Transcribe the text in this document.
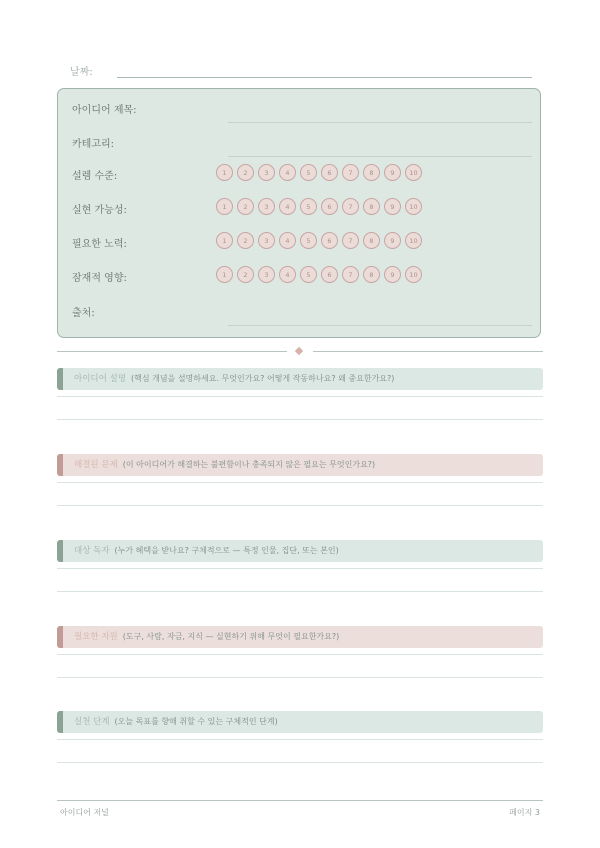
날짜:
아이디어 제목:
카테고리:
설렘 수준:	1	2	3	4	5	6	7	8	9	10
실현 가능성:	1	2	3	4	5	6	7	8	9	10
필요한 노력:	1	2	3	4	5	6	7	8	9	10
잠재적 영향:	1	2	3	4	5	6	7	8	9	10
출처:
아이디어 설명 (핵심 개념을 설명하세요. 무엇인가요? 어떻게 작동하나요? 왜 중요한가요?)
해결된 문제 (이 아이디어가 해결하는 불편함이나 충족되지 않은 필요는 무엇인가요?)
대상 독자 (누가 혜택을 받나요? 구체적으로 — 특정 인물, 집단, 또는 본인)
필요한 자원 (도구, 사람, 자금, 지식 — 실현하기 위해 무엇이 필요한가요?)
실천 단계 (오늘 목표를 향해 취할 수 있는 구체적인 단계)
아이디어 저널	페이지 3
